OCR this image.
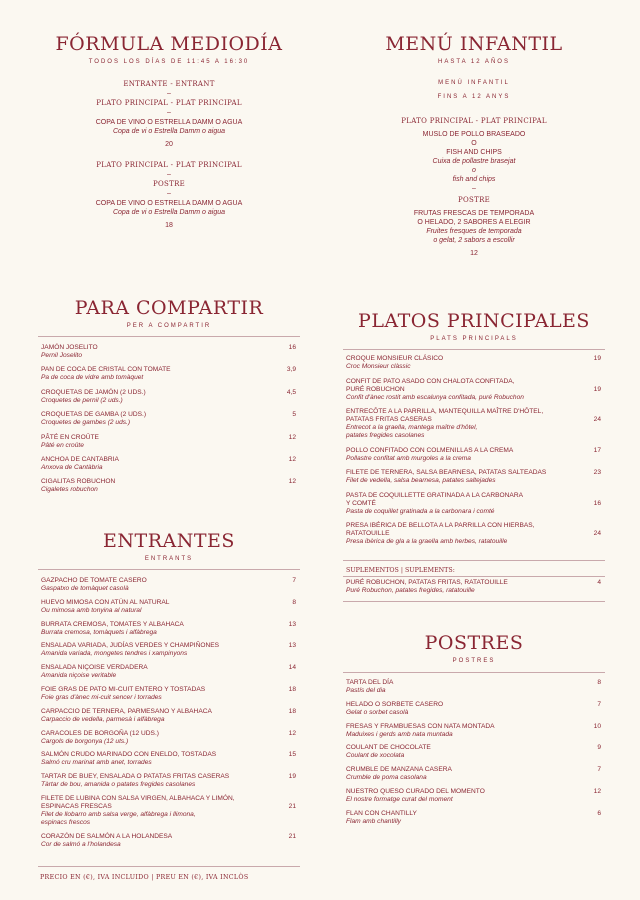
FÓRMULA MEDIODÍA
TODOS LOS DÍAS DE 11:45 A 16:30
ENTRANTE - ENTRANT
–
PLATO PRINCIPAL - PLAT PRINCIPAL
–
COPA DE VINO O ESTRELLA DAMM O AGUA
Copa de vi o Estrella Damm o aigua
20
PLATO PRINCIPAL - PLAT PRINCIPAL
–
POSTRE
–
COPA DE VINO O ESTRELLA DAMM O AGUA
Copa de vi o Estrella Damm o aigua
18
MENÚ INFANTIL
HASTA 12 AÑOS
MENÚ INFANTIL
FINS A 12 ANYS
PLATO PRINCIPAL - PLAT PRINCIPAL
MUSLO DE POLLO BRASEADO
O
FISH AND CHIPS
Cuixa de pollastre brasejat
o
fish and chips
–
POSTRE
FRUTAS FRESCAS DE TEMPORADA
O HELADO, 2 SABORES A ELEGIR
Fruites fresques de temporada
o gelat, 2 sabors a escollir
12
PARA COMPARTIR
PER A COMPARTIR
JAMÓN JOSELITO
Pernil Joselito
16
PAN DE COCA DE CRISTAL CON TOMATE
Pa de coca de vidre amb tomàquet
3,9
CROQUETAS DE JAMÓN (2 UDS.)
Croquetes de pernil (2 uds.)
4,5
CROQUETAS DE GAMBA (2 UDS.)
Croquetes de gambes (2 uds.)
5
PÂTÉ EN CROÛTE
Pâté en croûte
12
ANCHOA DE CANTABRIA
Anxova de Cantàbria
12
CIGALITAS ROBUCHON
Cigaletes robuchon
12
ENTRANTES
ENTRANTS
GAZPACHO DE TOMATE CASERO
Gaspatxo de tomàquet casolà
7
HUEVO MIMOSA CON ATÚN AL NATURAL
Ou mimosa amb tonyina al natural
8
BURRATA CREMOSA, TOMATES Y ALBAHACA
Burrata cremosa, tomàquets i alfàbrega
13
ENSALADA VARIADA, JUDÍAS VERDES Y CHAMPIÑONES
Amanida variada, mongetes tendres i xampinyons
13
ENSALADA NIÇOISE VERDADERA
Amanida niçoise veritable
14
FOIE GRAS DE PATO MI-CUIT ENTERO Y TOSTADAS
Foie gras d'ànec mi-cuit sencer i torrades
18
CARPACCIO DE TERNERA, PARMESANO Y ALBAHACA
Carpaccio de vedella, parmesà i alfàbrega
18
CARACOLES DE BORGOÑA (12 UDS.)
Cargols de borgonya (12 uts.)
12
SALMÓN CRUDO MARINADO CON ENELDO, TOSTADAS
Salmó cru marinat amb anet, torrades
15
TARTAR DE BUEY, ENSALADA O PATATAS FRITAS CASERAS
Tàrtar de bou, amanida o patates fregides casolanes
19
FILETE DE LUBINA CON SALSA VIRGEN, ALBAHACA Y LIMÓN,
ESPINACAS FRESCAS
Filet de llobarro amb salsa verge, alfàbrega i llimona,
espinacs frescos
21
CORAZÓN DE SALMÓN A LA HOLANDESA
Cor de salmó a l'holandesa
21
PLATOS PRINCIPALES
PLATS PRINCIPALS
CROQUE MONSIEUR CLÁSICO
Croc Monsieur clàssic
19
CONFIT DE PATO ASADO CON CHALOTA CONFITADA,
PURÉ ROBUCHON
Confit d'ànec rostit amb escalunya confitada, puré Robuchon
19
ENTRECÔTE A LA PARRILLA, MANTEQUILLA MAÎTRE D'HÔTEL,
PATATAS FRITAS CASERAS
Entrecot a la graella, mantega maître d'hôtel,
patates fregides casolanes
24
POLLO CONFITADO CON COLMENILLAS A LA CREMA
Pollastre confitat amb murgoles a la crema
17
FILETE DE TERNERA, SALSA BEARNESA, PATATAS SALTEADAS
Filet de vedella, salsa bearnesa, patates saltejades
23
PASTA DE COQUILLETTE GRATINADA A LA CARBONARA
Y COMTÉ
Pasta de coquillet gratinada a la carbonara i comté
16
PRESA IBÉRICA DE BELLOTA A LA PARRILLA CON HIERBAS,
RATATOUILLE
Presa ibèrica de gla a la graella amb herbes, ratatouille
24
SUPLEMENTOS | SUPLEMENTS:
PURÉ ROBUCHON, PATATAS FRITAS, RATATOUILLE
Puré Robuchon, patates fregides, ratatouille
4
POSTRES
POSTRES
TARTA DEL DÍA
Pastís del dia
8
HELADO O SORBETE CASERO
Gelat o sorbet casolà
7
FRESAS Y FRAMBUESAS CON NATA MONTADA
Maduixes i gerds amb nata muntada
10
COULANT DE CHOCOLATE
Coulant de xocolata
9
CRUMBLE DE MANZANA CASERA
Crumble de poma casolana
7
NUESTRO QUESO CURADO DEL MOMENTO
El nostre formatge curat del moment
12
FLAN CON CHANTILLY
Flam amb chantilly
6
PRECIO EN (€), IVA INCLUIDO | PREU EN (€), IVA INCLÒS
